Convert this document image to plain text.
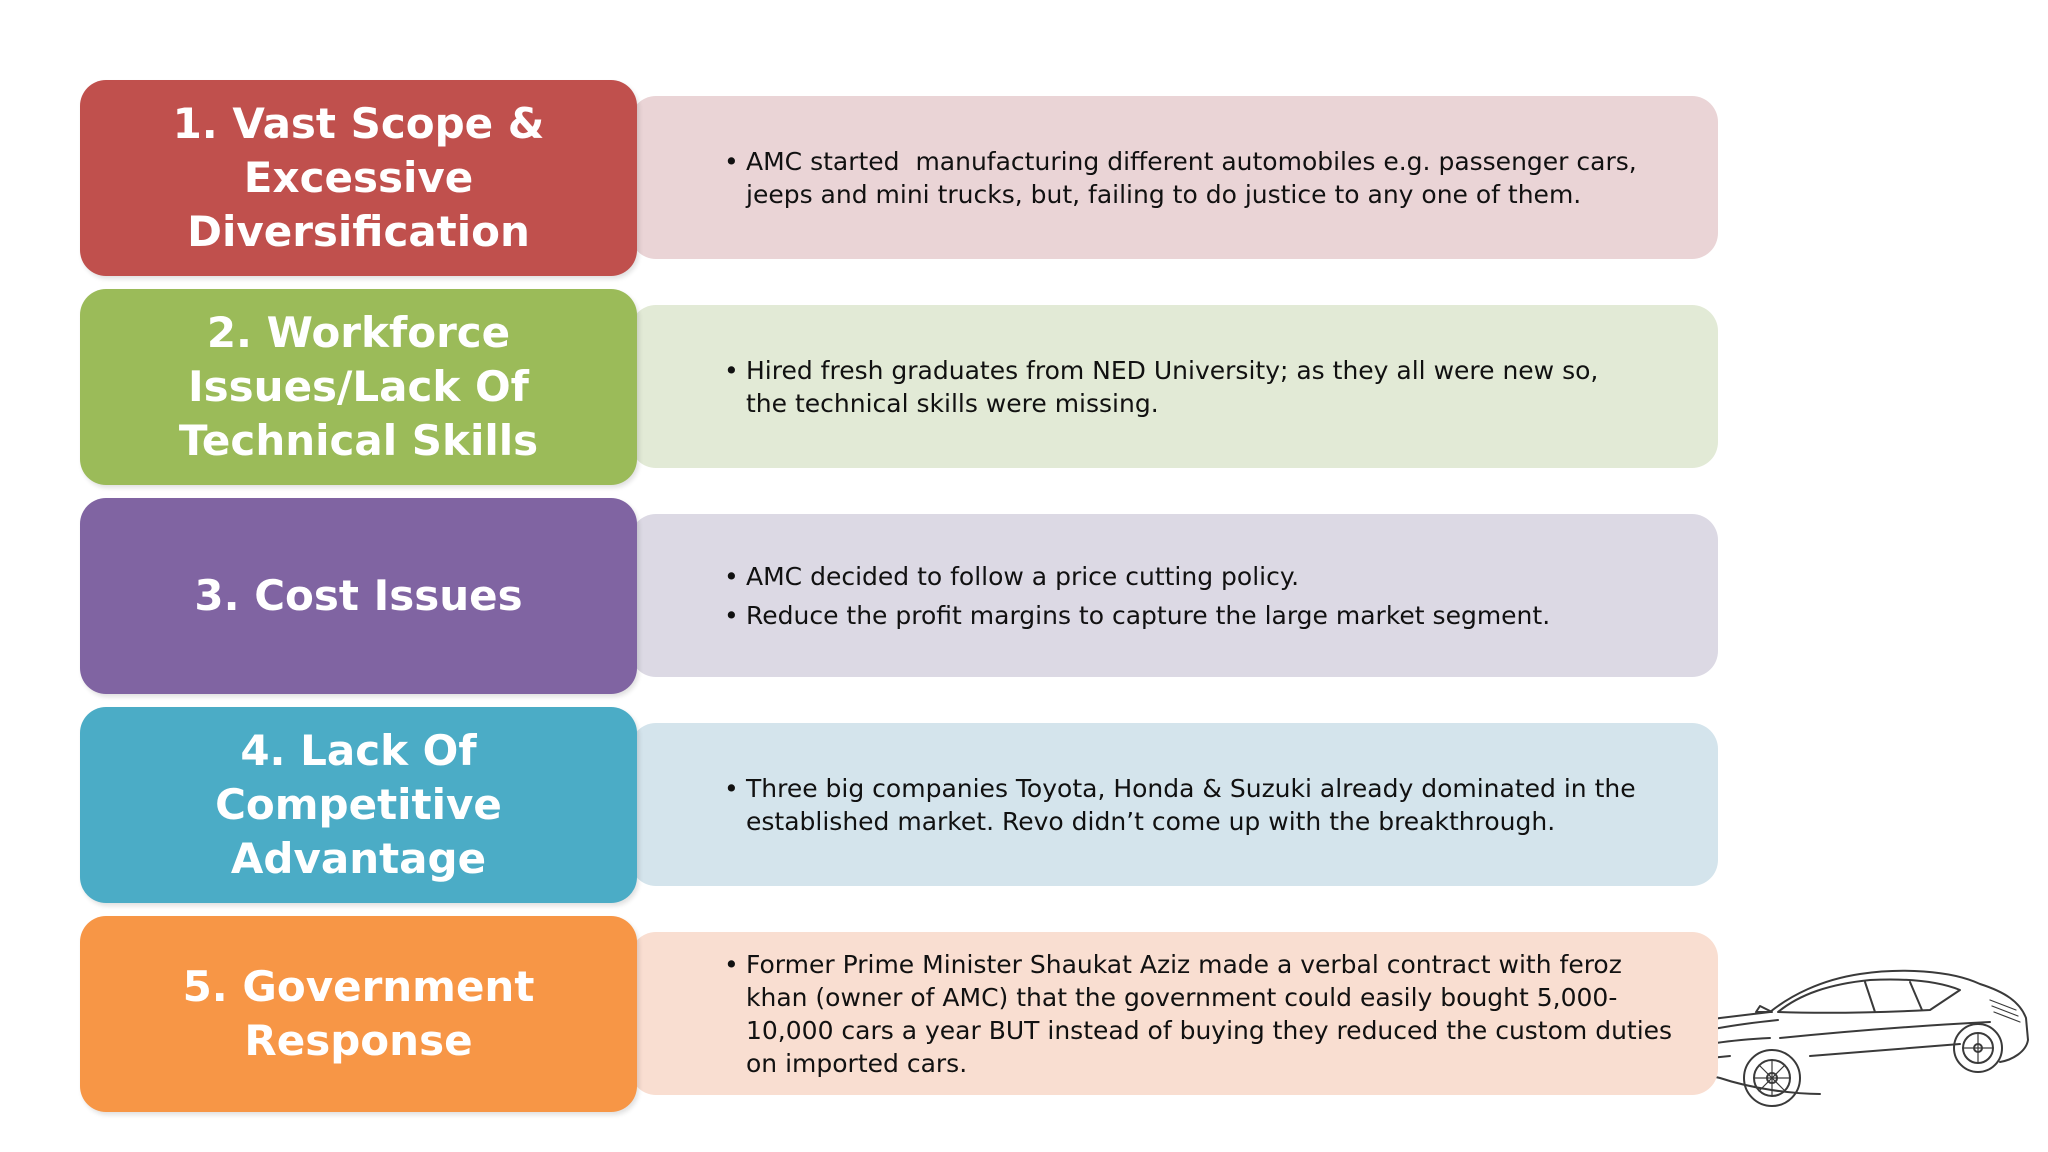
1. Vast Scope & Excessive Diversification
• AMC started  manufacturing different automobiles e.g. passenger cars, jeeps and mini trucks, but, failing to do justice to any one of them.
2. Workforce Issues/Lack Of Technical Skills
• Hired fresh graduates from NED University; as they all were new so, the technical skills were missing.
3. Cost Issues
•	AMC decided to follow a price cutting policy.
• Reduce the profit margins to capture the large market segment.
4. Lack Of Competitive Advantage
• Three big companies Toyota, Honda & Suzuki already dominated in the established market. Revo didn’t come up with the breakthrough.
5. Government Response
• Former Prime Minister Shaukat Aziz made a verbal contract with feroz khan (owner of AMC) that the government could easily bought 5,000-10,000 cars a year BUT instead of buying they reduced the custom duties on imported cars.
